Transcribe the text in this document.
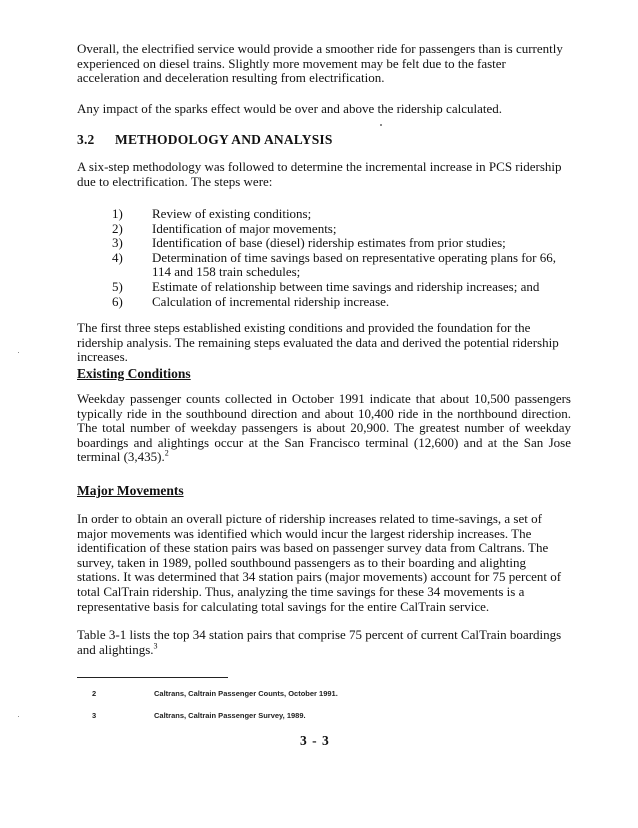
Overall, the electrified service would provide a smoother ride for passengers than is currently experienced on diesel trains. Slightly more movement may be felt due to the faster acceleration and deceleration resulting from electrification.

Any impact of the sparks effect would be over and above the ridership calculated.

3.2 METHODOLOGY AND ANALYSIS

A six-step methodology was followed to determine the incremental increase in PCS ridership due to electrification. The steps were:

1)	Review of existing conditions;
2)	Identification of major movements;
3)	Identification of base (diesel) ridership estimates from prior studies;
4)	Determination of time savings based on representative operating plans for 66, 114 and 158 train schedules;
5)	Estimate of relationship between time savings and ridership increases; and
6)	Calculation of incremental ridership increase.

The first three steps established existing conditions and provided the foundation for the ridership analysis. The remaining steps evaluated the data and derived the potential ridership increases.

Existing Conditions

Weekday passenger counts collected in October 1991 indicate that about 10,500 passengers typically ride in the southbound direction and about 10,400 ride in the northbound direction. The total number of weekday passengers is about 20,900. The greatest number of weekday boardings and alightings occur at the San Francisco terminal (12,600) and at the San Jose terminal (3,435).$^2$

Major Movements

In order to obtain an overall picture of ridership increases related to time-savings, a set of major movements was identified which would incur the largest ridership increases. The identification of these station pairs was based on passenger survey data from Caltrans. The survey, taken in 1989, polled southbound passengers as to their boarding and alighting stations. It was determined that 34 station pairs (major movements) account for 75 percent of total CalTrain ridership. Thus, analyzing the time savings for these 34 movements is a representative basis for calculating total savings for the entire CalTrain service.

Table 3-1 lists the top 34 station pairs that comprise 75 percent of current CalTrain boardings and alightings.$^3$

2	Caltrans, Caltrain Passenger Counts, October 1991.
3	Caltrans, Caltrain Passenger Survey, 1989.

3 - 3
